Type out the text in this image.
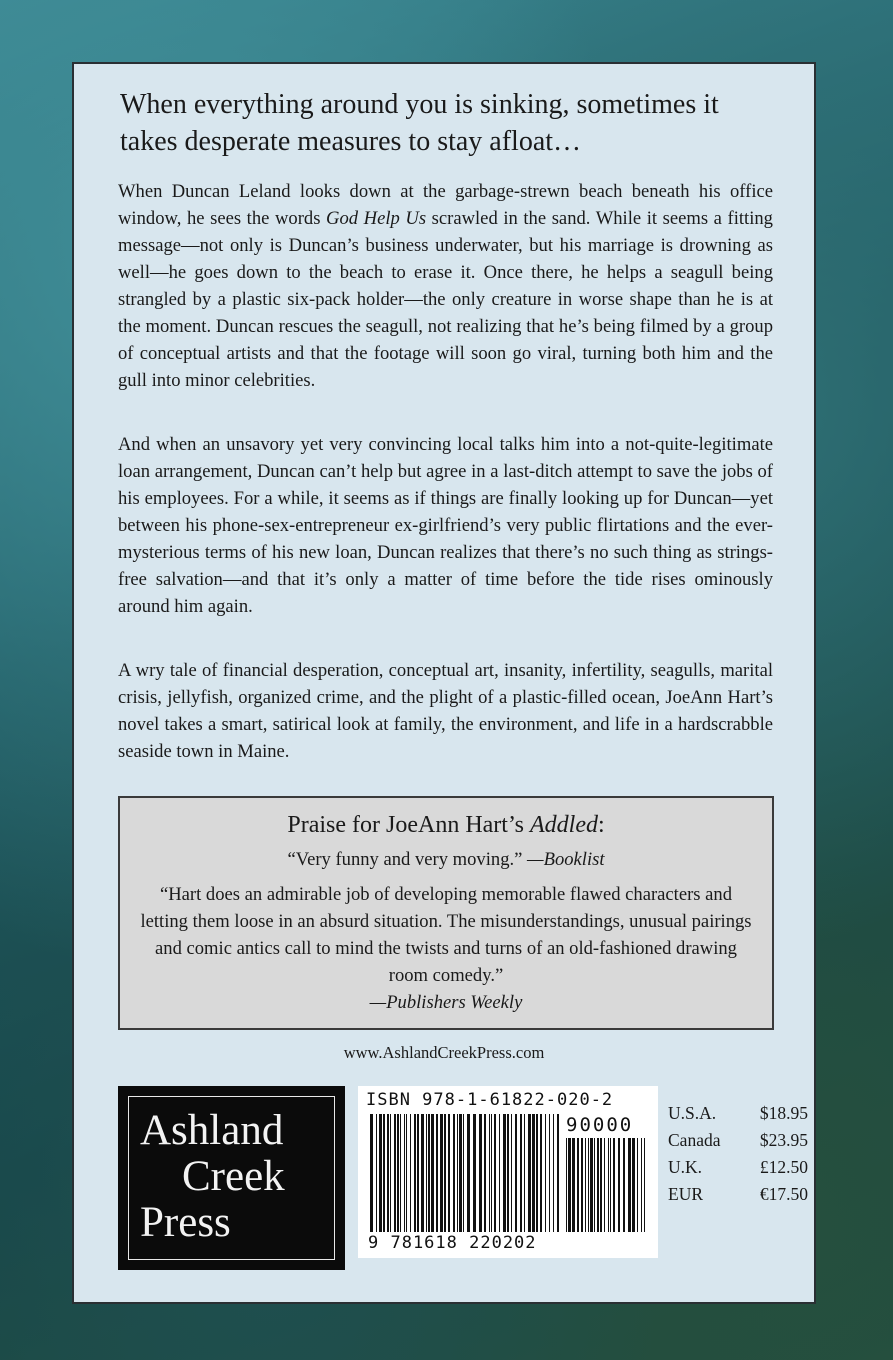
When everything around you is sinking, sometimes it takes desperate measures to stay afloat…

When Duncan Leland looks down at the garbage-strewn beach beneath his office window, he sees the words God Help Us scrawled in the sand. While it seems a fitting message—not only is Duncan’s business underwater, but his marriage is drowning as well—he goes down to the beach to erase it. Once there, he helps a seagull being strangled by a plastic six-pack holder—the only creature in worse shape than he is at the moment. Duncan rescues the seagull, not realizing that he’s being filmed by a group of conceptual artists and that the footage will soon go viral, turning both him and the gull into minor celebrities.

And when an unsavory yet very convincing local talks him into a not-quite-legitimate loan arrangement, Duncan can’t help but agree in a last-ditch attempt to save the jobs of his employees. For a while, it seems as if things are finally looking up for Duncan—yet between his phone-sex-entrepreneur ex-girlfriend’s very public flirtations and the ever-mysterious terms of his new loan, Duncan realizes that there’s no such thing as strings-free salvation—and that it’s only a matter of time before the tide rises ominously around him again.

A wry tale of financial desperation, conceptual art, insanity, infertility, seagulls, marital crisis, jellyfish, organized crime, and the plight of a plastic-filled ocean, JoeAnn Hart’s novel takes a smart, satirical look at family, the environment, and life in a hardscrabble seaside town in Maine.

Praise for JoeAnn Hart’s Addled:
“Very funny and very moving.” —Booklist
“Hart does an admirable job of developing memorable flawed characters and letting them loose in an absurd situation. The misunderstandings, unusual pairings and comic antics call to mind the twists and turns of an old-fashioned drawing room comedy.”
—Publishers Weekly
www.AshlandCreekPress.com
Ashland
Creek
Press
ISBN 978-1-61822-020-2
90000
9 781618 220202
U.S.A. $18.95
Canada $23.95
U.K.	£12.50
EUR	€17.50
